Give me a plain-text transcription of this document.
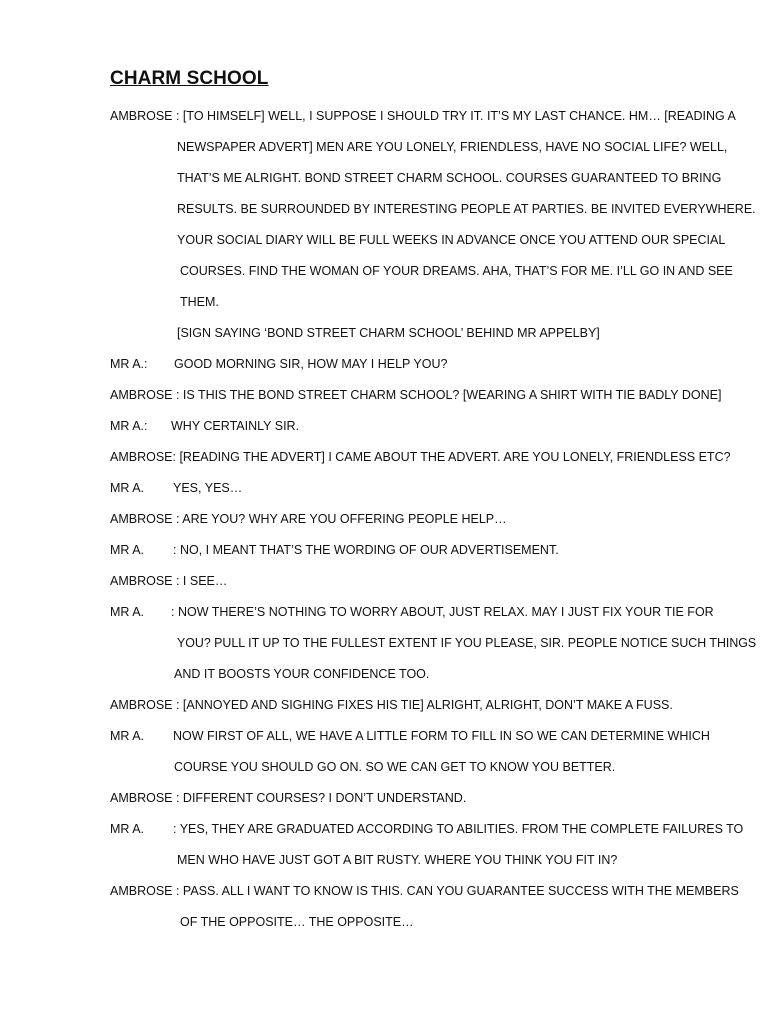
CHARM SCHOOL
AMBROSE : [TO HIMSELF] WELL, I SUPPOSE I SHOULD TRY IT. IT’S MY LAST CHANCE. HM… [READING A
NEWSPAPER ADVERT] MEN ARE YOU LONELY, FRIENDLESS, HAVE NO SOCIAL LIFE? WELL,
THAT’S ME ALRIGHT. BOND STREET CHARM SCHOOL. COURSES GUARANTEED TO BRING
RESULTS. BE SURROUNDED BY INTERESTING PEOPLE AT PARTIES. BE INVITED EVERYWHERE.
YOUR SOCIAL DIARY WILL BE FULL WEEKS IN ADVANCE ONCE YOU ATTEND OUR SPECIAL
COURSES. FIND THE WOMAN OF YOUR DREAMS. AHA, THAT’S FOR ME. I’LL GO IN AND SEE
THEM.
[SIGN SAYING ‘BOND STREET CHARM SCHOOL’ BEHIND MR APPELBY]
MR A.: GOOD MORNING SIR, HOW MAY I HELP YOU?
AMBROSE : IS THIS THE BOND STREET CHARM SCHOOL? [WEARING A SHIRT WITH TIE BADLY DONE]
MR A.: WHY CERTAINLY SIR.
AMBROSE: [READING THE ADVERT] I CAME ABOUT THE ADVERT. ARE YOU LONELY, FRIENDLESS ETC?
MR A. YES, YES…
AMBROSE : ARE YOU? WHY ARE YOU OFFERING PEOPLE HELP…
MR A. : NO, I MEANT THAT’S THE WORDING OF OUR ADVERTISEMENT.
AMBROSE : I SEE…
MR A. : NOW THERE’S NOTHING TO WORRY ABOUT, JUST RELAX. MAY I JUST FIX YOUR TIE FOR
YOU? PULL IT UP TO THE FULLEST EXTENT IF YOU PLEASE, SIR. PEOPLE NOTICE SUCH THINGS
AND IT BOOSTS YOUR CONFIDENCE TOO.
AMBROSE : [ANNOYED AND SIGHING FIXES HIS TIE] ALRIGHT, ALRIGHT, DON’T MAKE A FUSS.
MR A. NOW FIRST OF ALL, WE HAVE A LITTLE FORM TO FILL IN SO WE CAN DETERMINE WHICH
COURSE YOU SHOULD GO ON. SO WE CAN GET TO KNOW YOU BETTER.
AMBROSE : DIFFERENT COURSES? I DON’T UNDERSTAND.
MR A. : YES, THEY ARE GRADUATED ACCORDING TO ABILITIES. FROM THE COMPLETE FAILURES TO
MEN WHO HAVE JUST GOT A BIT RUSTY. WHERE YOU THINK YOU FIT IN?
AMBROSE : PASS. ALL I WANT TO KNOW IS THIS. CAN YOU GUARANTEE SUCCESS WITH THE MEMBERS
OF THE OPPOSITE… THE OPPOSITE…
